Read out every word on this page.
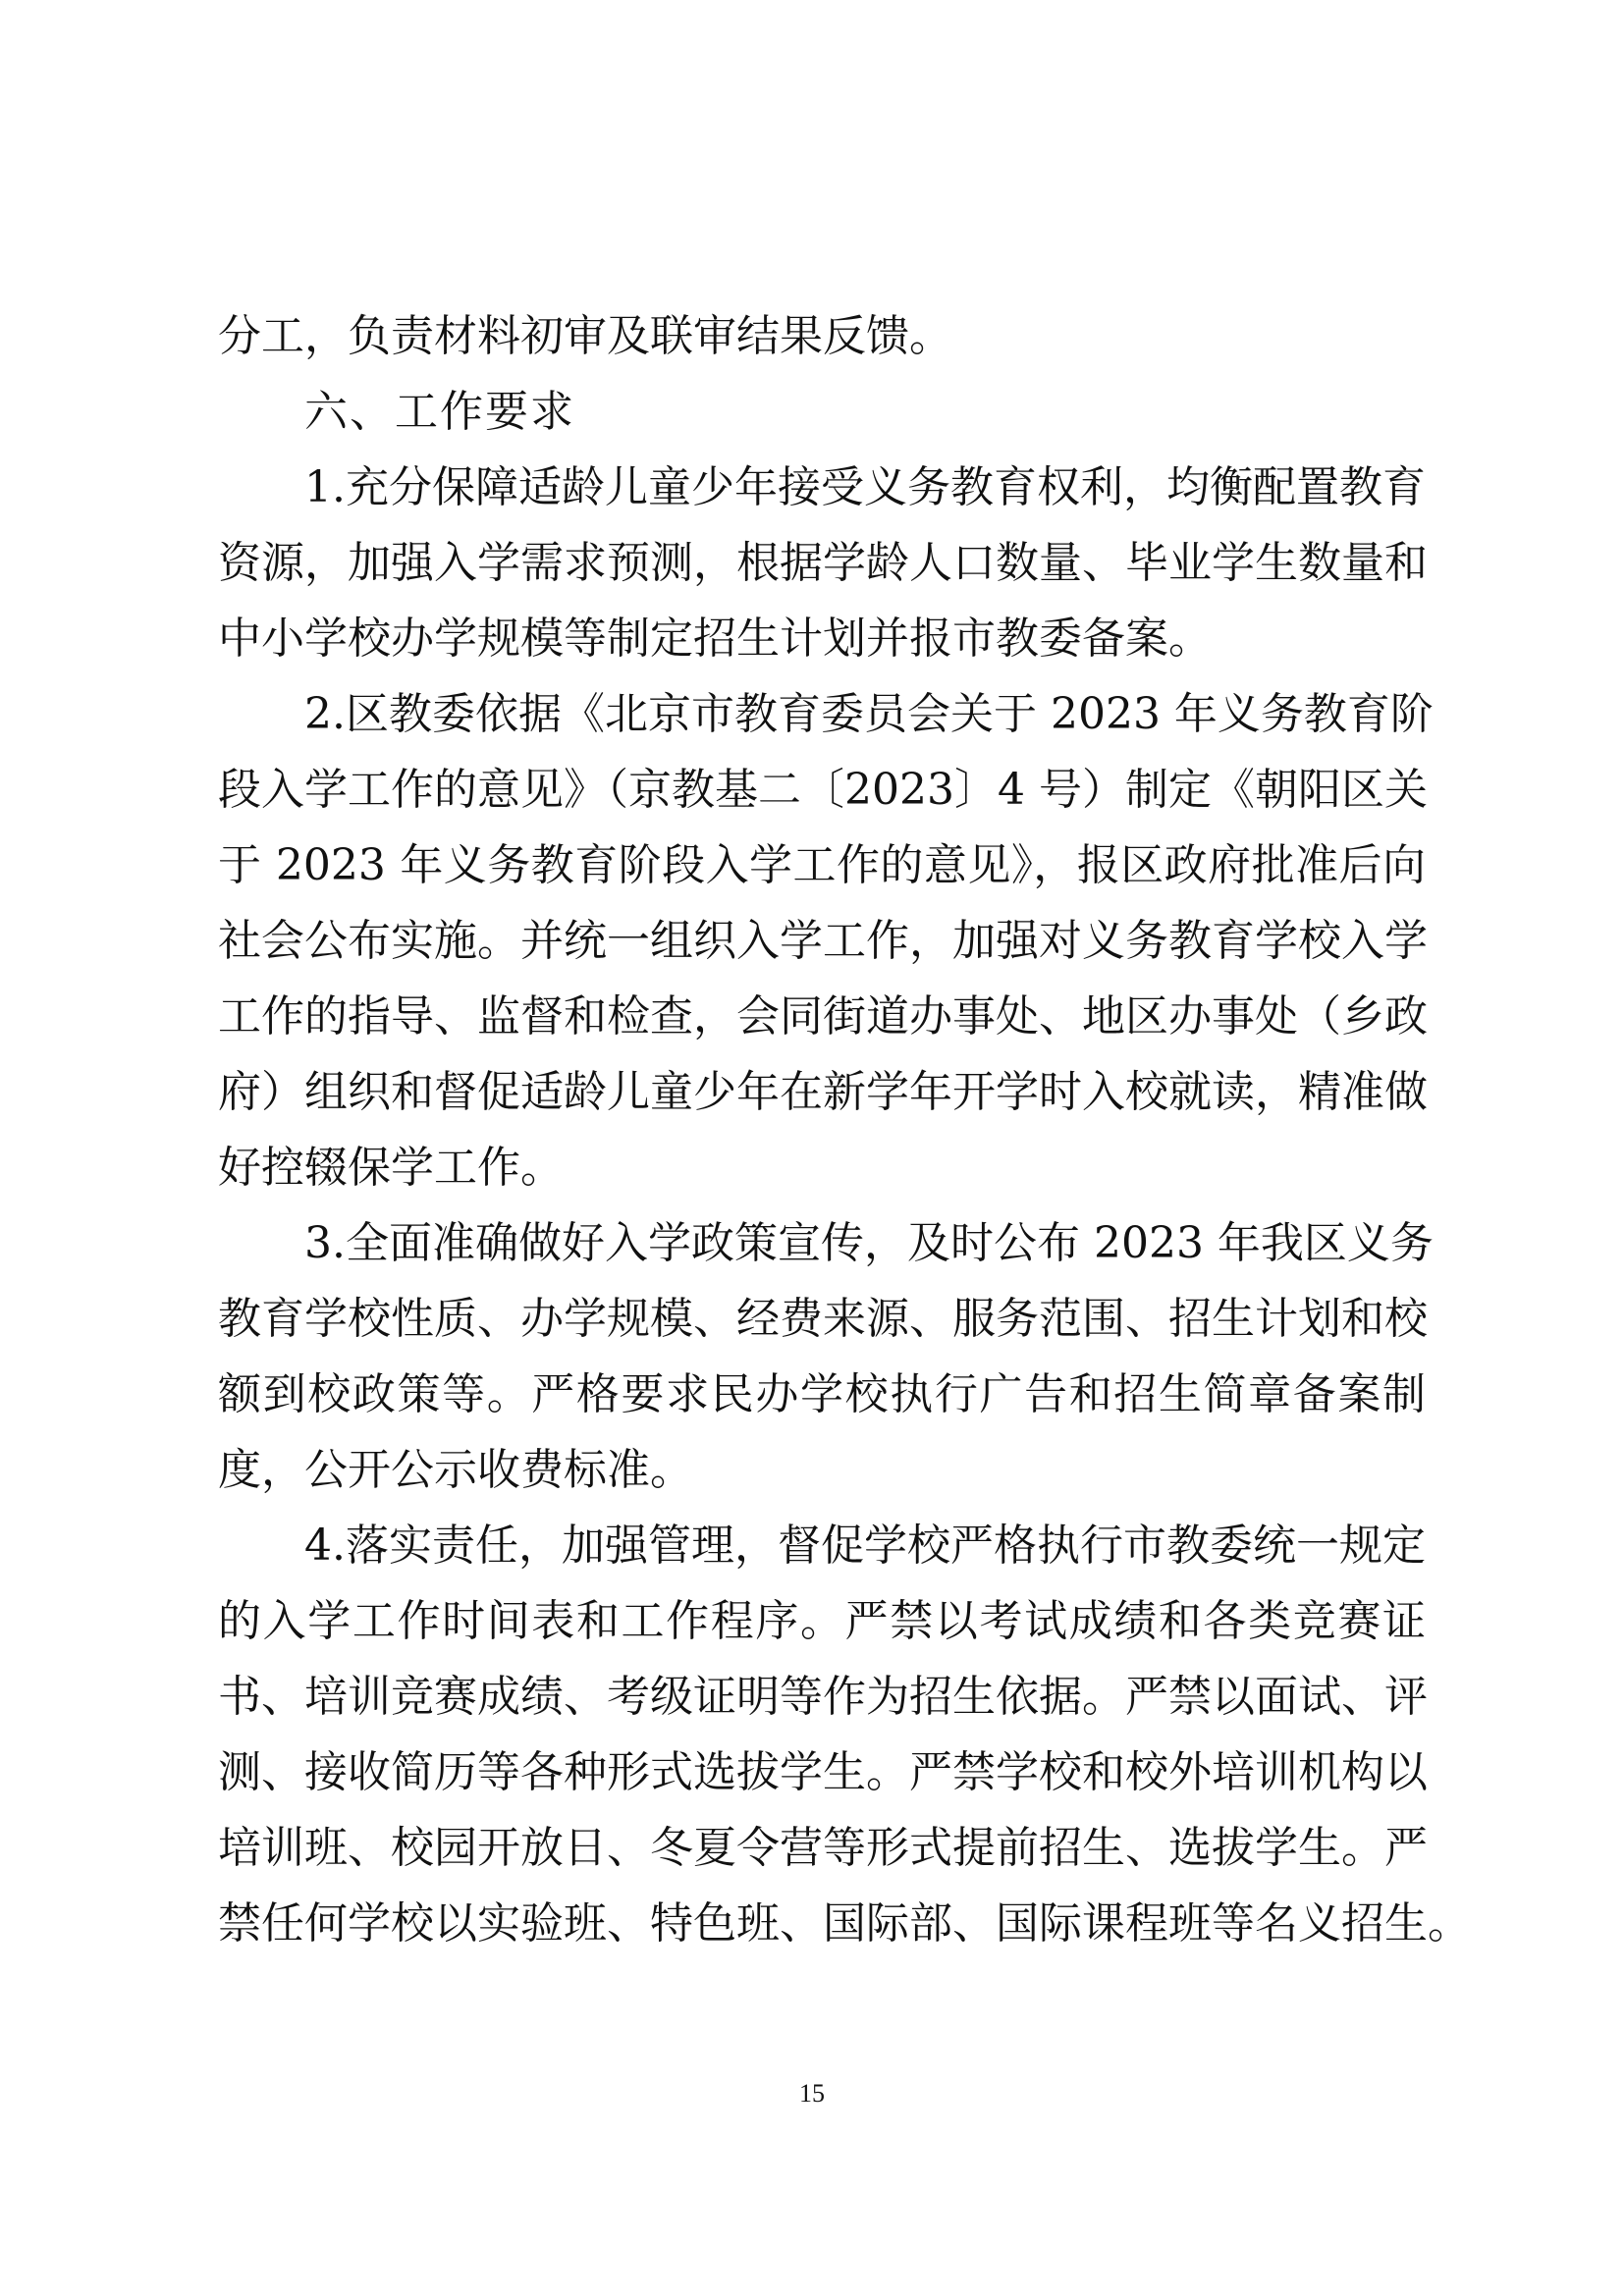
分工，负责材料初审及联审结果反馈。
六、工作要求
1.充分保障适龄儿童少年接受义务教育权利，均衡配置教育
资源，加强入学需求预测，根据学龄人口数量、毕业学生数量和
中小学校办学规模等制定招生计划并报市教委备案。
2.区教委依据《北京市教育委员会关于 2023 年义务教育阶
段入学工作的意见》（京教基二〔2023〕4 号）制定《朝阳区关
于 2023 年义务教育阶段入学工作的意见》，报区政府批准后向
社会公布实施。并统一组织入学工作，加强对义务教育学校入学
工作的指导、监督和检查，会同街道办事处、地区办事处（乡政
府）组织和督促适龄儿童少年在新学年开学时入校就读，精准做
好控辍保学工作。
3.全面准确做好入学政策宣传，及时公布 2023 年我区义务
教育学校性质、办学规模、经费来源、服务范围、招生计划和校
额到校政策等。严格要求民办学校执行广告和招生简章备案制
度，公开公示收费标准。
4.落实责任，加强管理，督促学校严格执行市教委统一规定
的入学工作时间表和工作程序。严禁以考试成绩和各类竞赛证
书、培训竞赛成绩、考级证明等作为招生依据。严禁以面试、评
测、接收简历等各种形式选拔学生。严禁学校和校外培训机构以
培训班、校园开放日、冬夏令营等形式提前招生、选拔学生。严
禁任何学校以实验班、特色班、国际部、国际课程班等名义招生。
15
